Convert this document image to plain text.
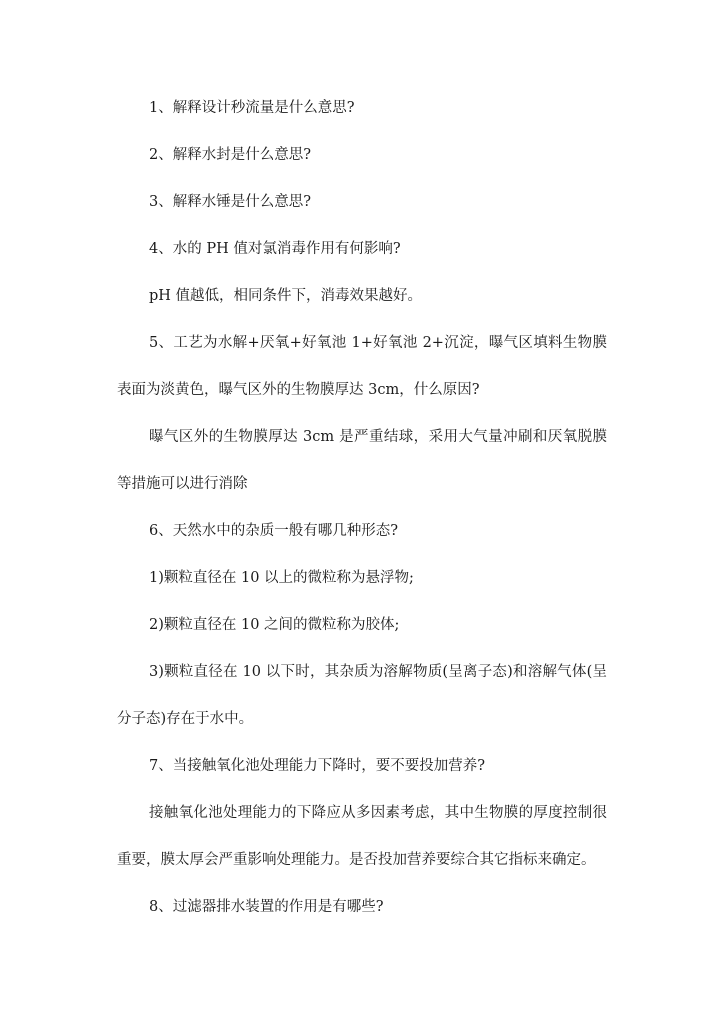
1、解释设计秒流量是什么意思?

2、解释水封是什么意思?

3、解释水锤是什么意思?

4、水的 PH 值对氯消毒作用有何影响?

pH 值越低，相同条件下，消毒效果越好。

5、工艺为水解+厌氧+好氧池 1+好氧池 2+沉淀，曝气区填料生物膜表面为淡黄色，曝气区外的生物膜厚达 3cm，什么原因?

曝气区外的生物膜厚达 3cm 是严重结球，采用大气量冲刷和厌氧脱膜等措施可以进行消除

6、天然水中的杂质一般有哪几种形态?

1)颗粒直径在 10 以上的微粒称为悬浮物;

2)颗粒直径在 10 之间的微粒称为胶体;

3)颗粒直径在 10 以下时，其杂质为溶解物质(呈离子态)和溶解气体(呈分子态)存在于水中。

7、当接触氧化池处理能力下降时，要不要投加营养?

接触氧化池处理能力的下降应从多因素考虑，其中生物膜的厚度控制很重要，膜太厚会严重影响处理能力。是否投加营养要综合其它指标来确定。

8、过滤器排水装置的作用是有哪些?
